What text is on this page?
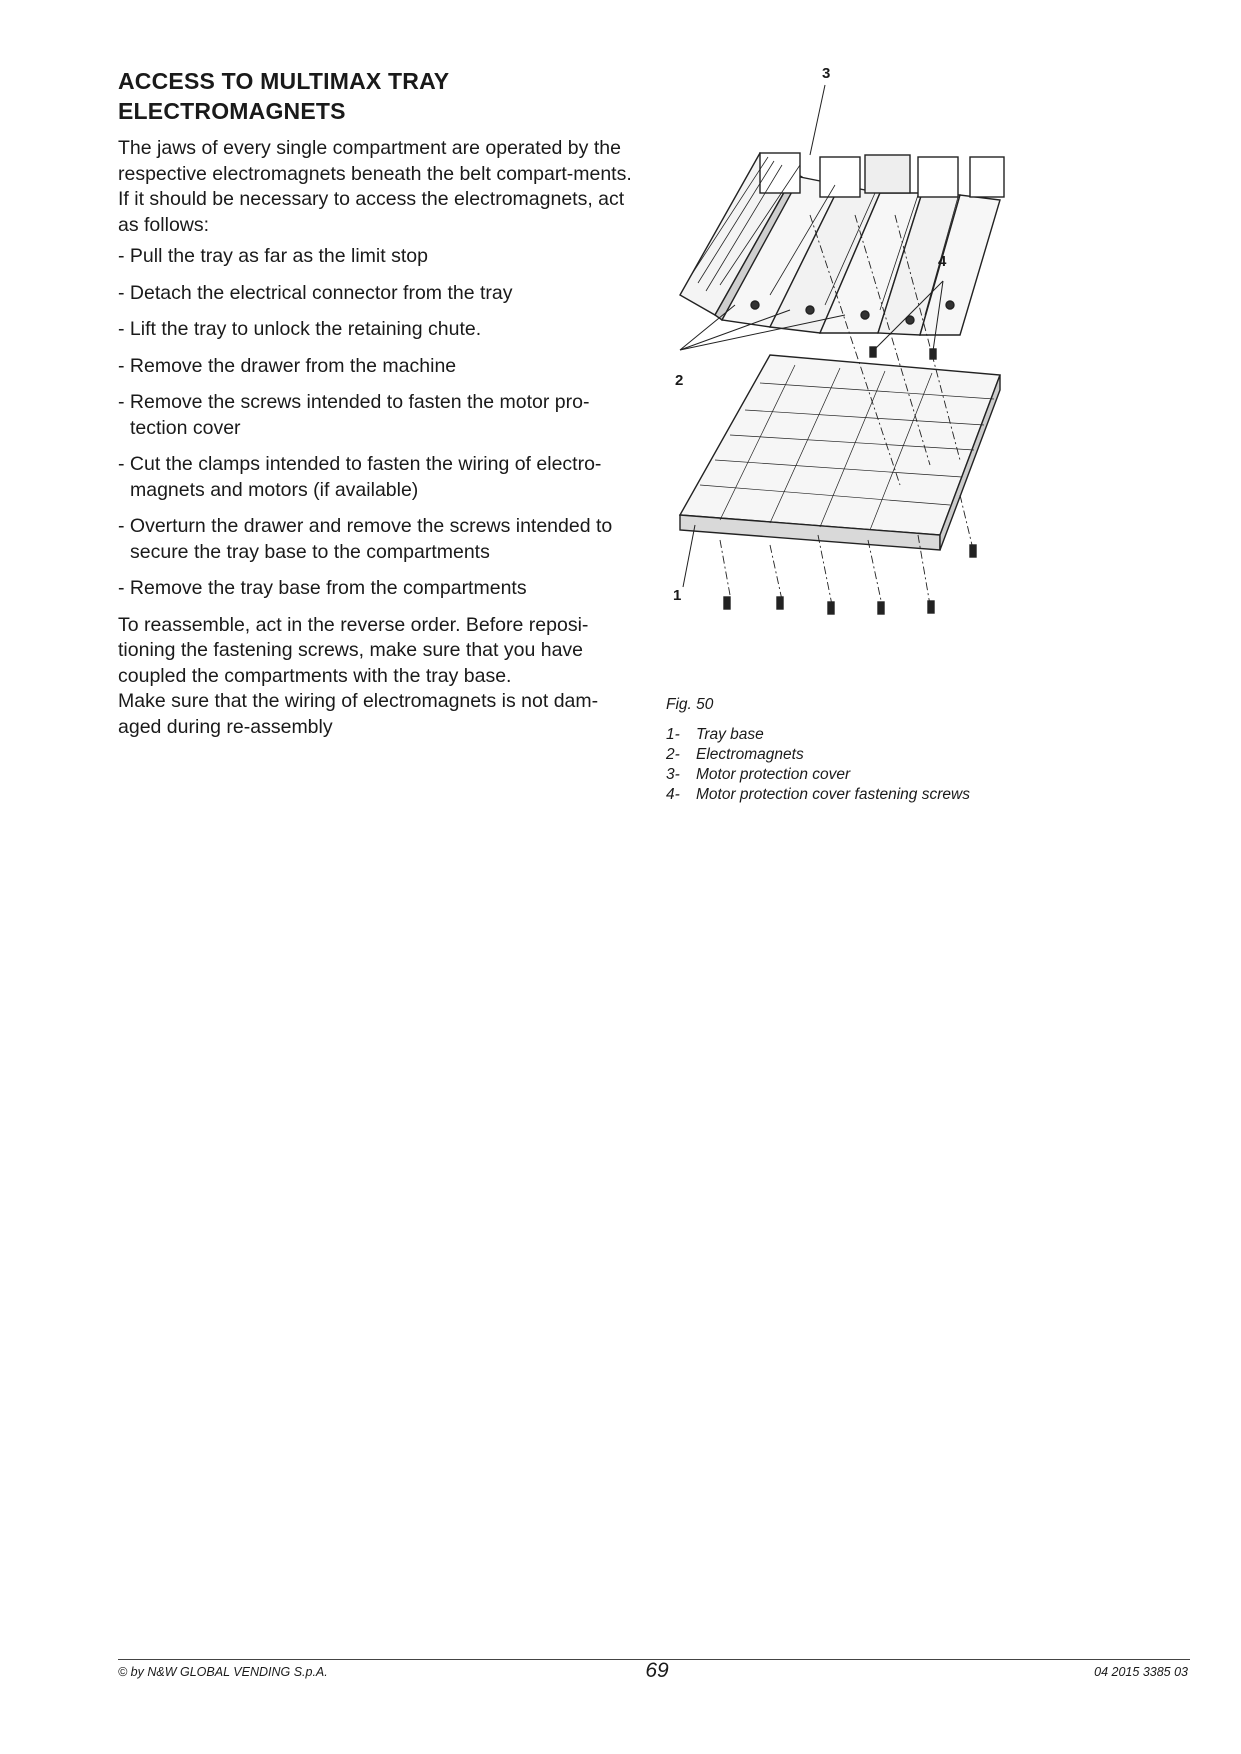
ACCESS TO MULTIMAX TRAY
ELECTROMAGNETS

The jaws of every single compartment are operated by the respective electromagnets beneath the belt compart-ments.

If it should be necessary to access the electromagnets, act as follows:

- Pull the tray as far as the limit stop
- Detach the electrical connector from the tray
- Lift the tray to unlock the retaining chute.
- Remove the drawer from the machine
- Remove the screws intended to fasten the motor pro-tection cover
- Cut the clamps intended to fasten the wiring of electro-magnets and motors (if available)
- Overturn the drawer and remove the screws intended to secure the tray base to the compartments
- Remove the tray base from the compartments

To reassemble, act in the reverse order. Before reposi-tioning the fastening screws, make sure that you have coupled the compartments with the tray base.

Make sure that the wiring of electromagnets is not dam-aged during re-assembly

3
4
2
1
Fig. 50
1- Tray base
2- Electromagnets
3- Motor protection cover
4- Motor protection cover fastening screws
© by N&W GLOBAL VENDING S.p.A.	69	04 2015 3385 03
